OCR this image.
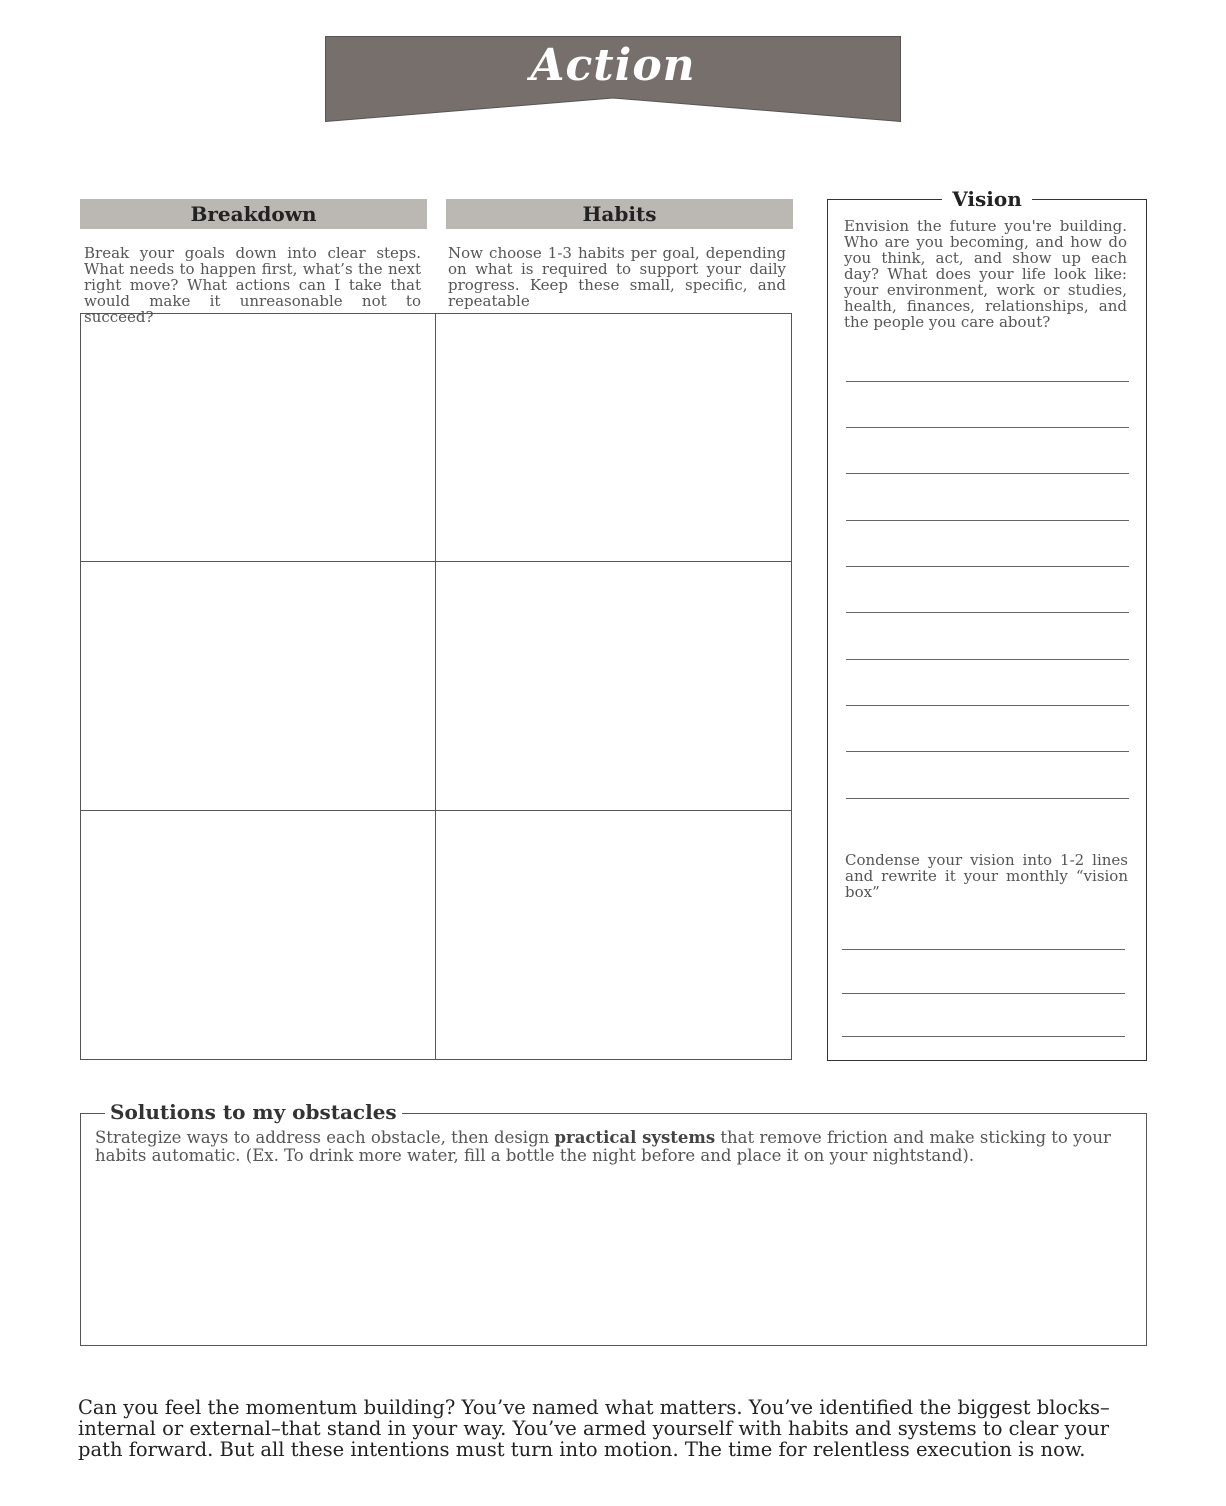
Action
Breakdown	Habits
Break your goals down into clear steps. What needs to happen first, what’s the next right move? What actions can I take that would make it unreasonable not to succeed?
Now choose 1-3 habits per goal, depending on what is required to support your daily progress. Keep these small, specific, and repeatable
Vision
Envision the future you're building. Who are you becoming, and how do you think, act, and show up each day? What does your life look like: your environment, work or studies, health, finances, relationships, and the people you care about?
Condense your vision into 1-2 lines and rewrite it your monthly “vision box”
Solutions to my obstacles
Strategize ways to address each obstacle, then design practical systems that remove friction and make sticking to your habits automatic. (Ex. To drink more water, fill a bottle the night before and place it on your nightstand).
Can you feel the momentum building? You’ve named what matters. You’ve identified the biggest blocks–internal or external–that stand in your way. You’ve armed yourself with habits and systems to clear your path forward. But all these intentions must turn into motion. The time for relentless execution is now.
